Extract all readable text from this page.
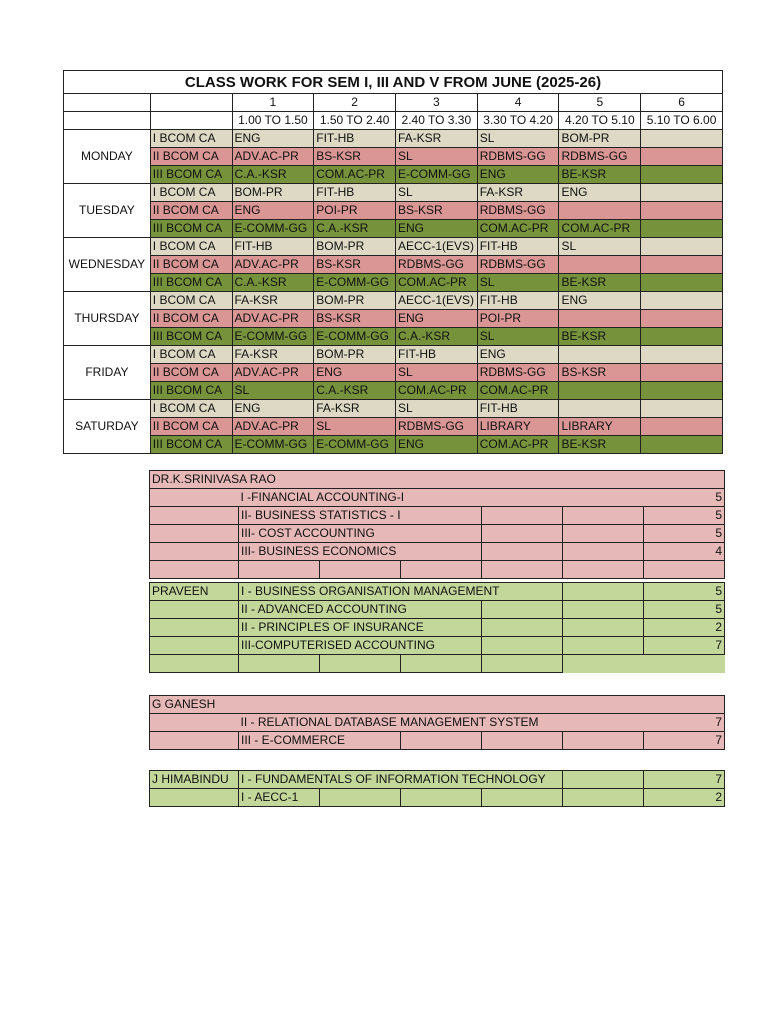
CLASS WORK FOR SEM I, III AND V FROM JUNE (2025-26)							
		1	2	3	4	5	6
		1.00 TO 1.50	1.50 TO 2.40	2.40 TO 3.30	3.30 TO 4.20	4.20 TO 5.10	5.10 TO 6.00
MONDAY	I BCOM CA	ENG	FIT-HB	FA-KSR	SL	BOM-PR	
	II BCOM CA	ADV.AC-PR	BS-KSR	SL	RDBMS-GG	RDBMS-GG	
	III BCOM CA	C.A.-KSR	COM.AC-PR	E-COMM-GG	ENG	BE-KSR	
TUESDAY	I BCOM CA	BOM-PR	FIT-HB	SL	FA-KSR	ENG	
	II BCOM CA	ENG	POI-PR	BS-KSR	RDBMS-GG		
	III BCOM CA	E-COMM-GG	C.A.-KSR	ENG	COM.AC-PR	COM.AC-PR	
WEDNESDAY	I BCOM CA	FIT-HB	BOM-PR	AECC-1(EVS)	FIT-HB	SL	
	II BCOM CA	ADV.AC-PR	BS-KSR	RDBMS-GG	RDBMS-GG		
	III BCOM CA	C.A.-KSR	E-COMM-GG	COM.AC-PR	SL	BE-KSR	
THURSDAY	I BCOM CA	FA-KSR	BOM-PR	AECC-1(EVS)	FIT-HB	ENG	
	II BCOM CA	ADV.AC-PR	BS-KSR	ENG	POI-PR		
	III BCOM CA	E-COMM-GG	E-COMM-GG	C.A.-KSR	SL	BE-KSR	
FRIDAY	I BCOM CA	FA-KSR	BOM-PR	FIT-HB	ENG		
	II BCOM CA	ADV.AC-PR	ENG	SL	RDBMS-GG	BS-KSR	
	III BCOM CA	SL	C.A.-KSR	COM.AC-PR	COM.AC-PR		
SATURDAY	I BCOM CA	ENG	FA-KSR	SL	FIT-HB		
	II BCOM CA	ADV.AC-PR	SL	RDBMS-GG	LIBRARY	LIBRARY	
	III BCOM CA	E-COMM-GG	E-COMM-GG	ENG	COM.AC-PR	BE-KSR	
DR.K.SRINIVASA RAO						
	I -FINANCIAL ACCOUNTING-I					5
	II- BUSINESS STATISTICS - I					5
	III- COST ACCOUNTING					5
	III- BUSINESS ECONOMICS					4

PRAVEEN	I - BUSINESS ORGANISATION MANAGEMENT					5
	II - ADVANCED ACCOUNTING					5
	II - PRINCIPLES OF INSURANCE					2
	III-COMPUTERISED ACCOUNTING					7

G GANESH					
	II - RELATIONAL DATABASE MANAGEMENT SYSTEM				7
	III - E-COMMERCE				7
J HIMABINDU	I - FUNDAMENTALS OF INFORMATION TECHNOLOGY					7
	I - AECC-1					2
